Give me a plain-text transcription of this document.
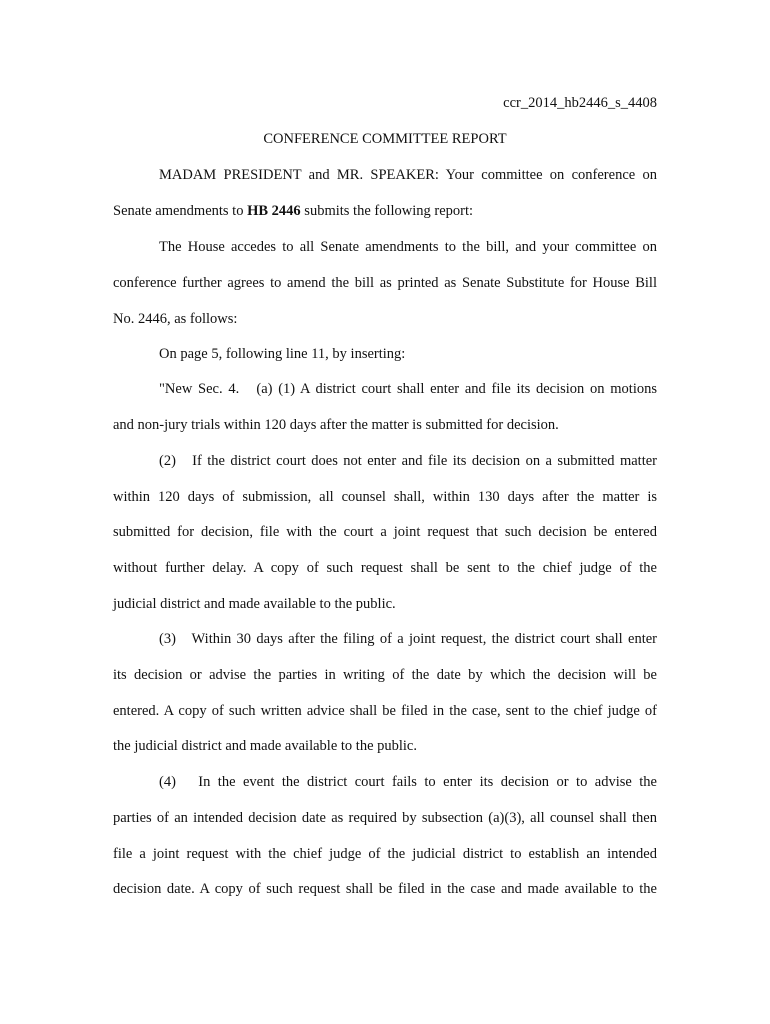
ccr_2014_hb2446_s_4408
CONFERENCE COMMITTEE REPORT
MADAM PRESIDENT and MR. SPEAKER: Your committee on conference on
Senate amendments to HB 2446 submits the following report:
The House accedes to all Senate amendments to the bill, and your committee on
conference further agrees to amend the bill as printed as Senate Substitute for House Bill
No. 2446, as follows:
On page 5, following line 11, by inserting:
"New Sec. 4.   (a) (1) A district court shall enter and file its decision on motions
and non-jury trials within 120 days after the matter is submitted for decision.
(2)   If the district court does not enter and file its decision on a submitted matter
within 120 days of submission, all counsel shall, within 130 days after the matter is
submitted for decision, file with the court a joint request that such decision be entered
without further delay. A copy of such request shall be sent to the chief judge of the
judicial district and made available to the public.
(3)   Within 30 days after the filing of a joint request, the district court shall enter
its decision or advise the parties in writing of the date by which the decision will be
entered. A copy of such written advice shall be filed in the case, sent to the chief judge of
the judicial district and made available to the public.
(4)   In the event the district court fails to enter its decision or to advise the
parties of an intended decision date as required by subsection (a)(3), all counsel shall then
file a joint request with the chief judge of the judicial district to establish an intended
decision date. A copy of such request shall be filed in the case and made available to the
